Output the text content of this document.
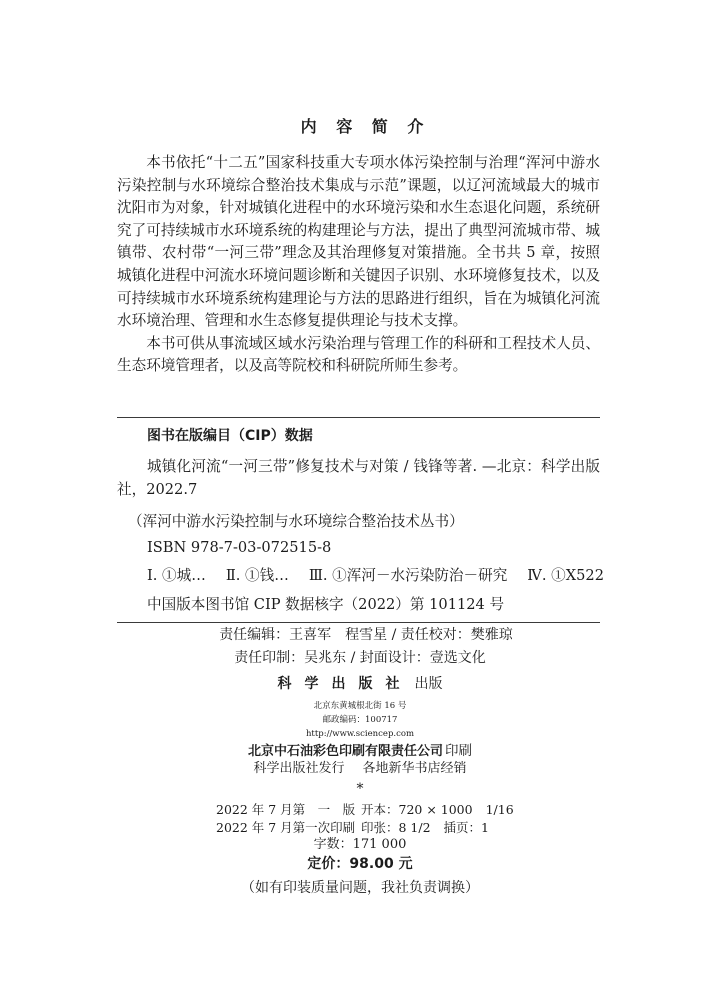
内 容 简 介

本书依托“十二五”国家科技重大专项水体污染控制与治理“浑河中游水污染控制与水环境综合整治技术集成与示范”课题，以辽河流域最大的城市沈阳市为对象，针对城镇化进程中的水环境污染和水生态退化问题，系统研究了可持续城市水环境系统的构建理论与方法，提出了典型河流城市带、城镇带、农村带“一河三带”理念及其治理修复对策措施。全书共 5 章，按照城镇化进程中河流水环境问题诊断和关键因子识别、水环境修复技术，以及可持续城市水环境系统构建理论与方法的思路进行组织，旨在为城镇化河流水环境治理、管理和水生态修复提供理论与技术支撑。

本书可供从事流域区域水污染治理与管理工作的科研和工程技术人员、生态环境管理者，以及高等院校和科研院所师生参考。

图书在版编目（CIP）数据
城镇化河流“一河三带”修复技术与对策 / 钱锋等著. —北京：科学出版社，2022.7
（浑河中游水污染控制与水环境综合整治技术丛书）
ISBN 978-7-03-072515-8
Ⅰ. ①城… Ⅱ. ①钱… Ⅲ. ①浑河－水污染防治－研究 Ⅳ. ①X522
中国版本图书馆 CIP 数据核字（2022）第 101124 号
责任编辑：王喜军　程雪星 / 责任校对：樊雅琼
责任印制：吴兆东 / 封面设计：壹选文化
科学出版社 出版
北京东黄城根北街 16 号
邮政编码：100717
http://www.sciencep.com
北京中石油彩色印刷有限责任公司 印刷
科学出版社发行 各地新华书店经销
*
2022 年 7 月第　一　版 开本：720 × 1000 1/16
2022 年 7 月第一次印刷 印张：8 1/2 插页：1
字数：171 000
定价：98.00 元
（如有印装质量问题，我社负责调换）
